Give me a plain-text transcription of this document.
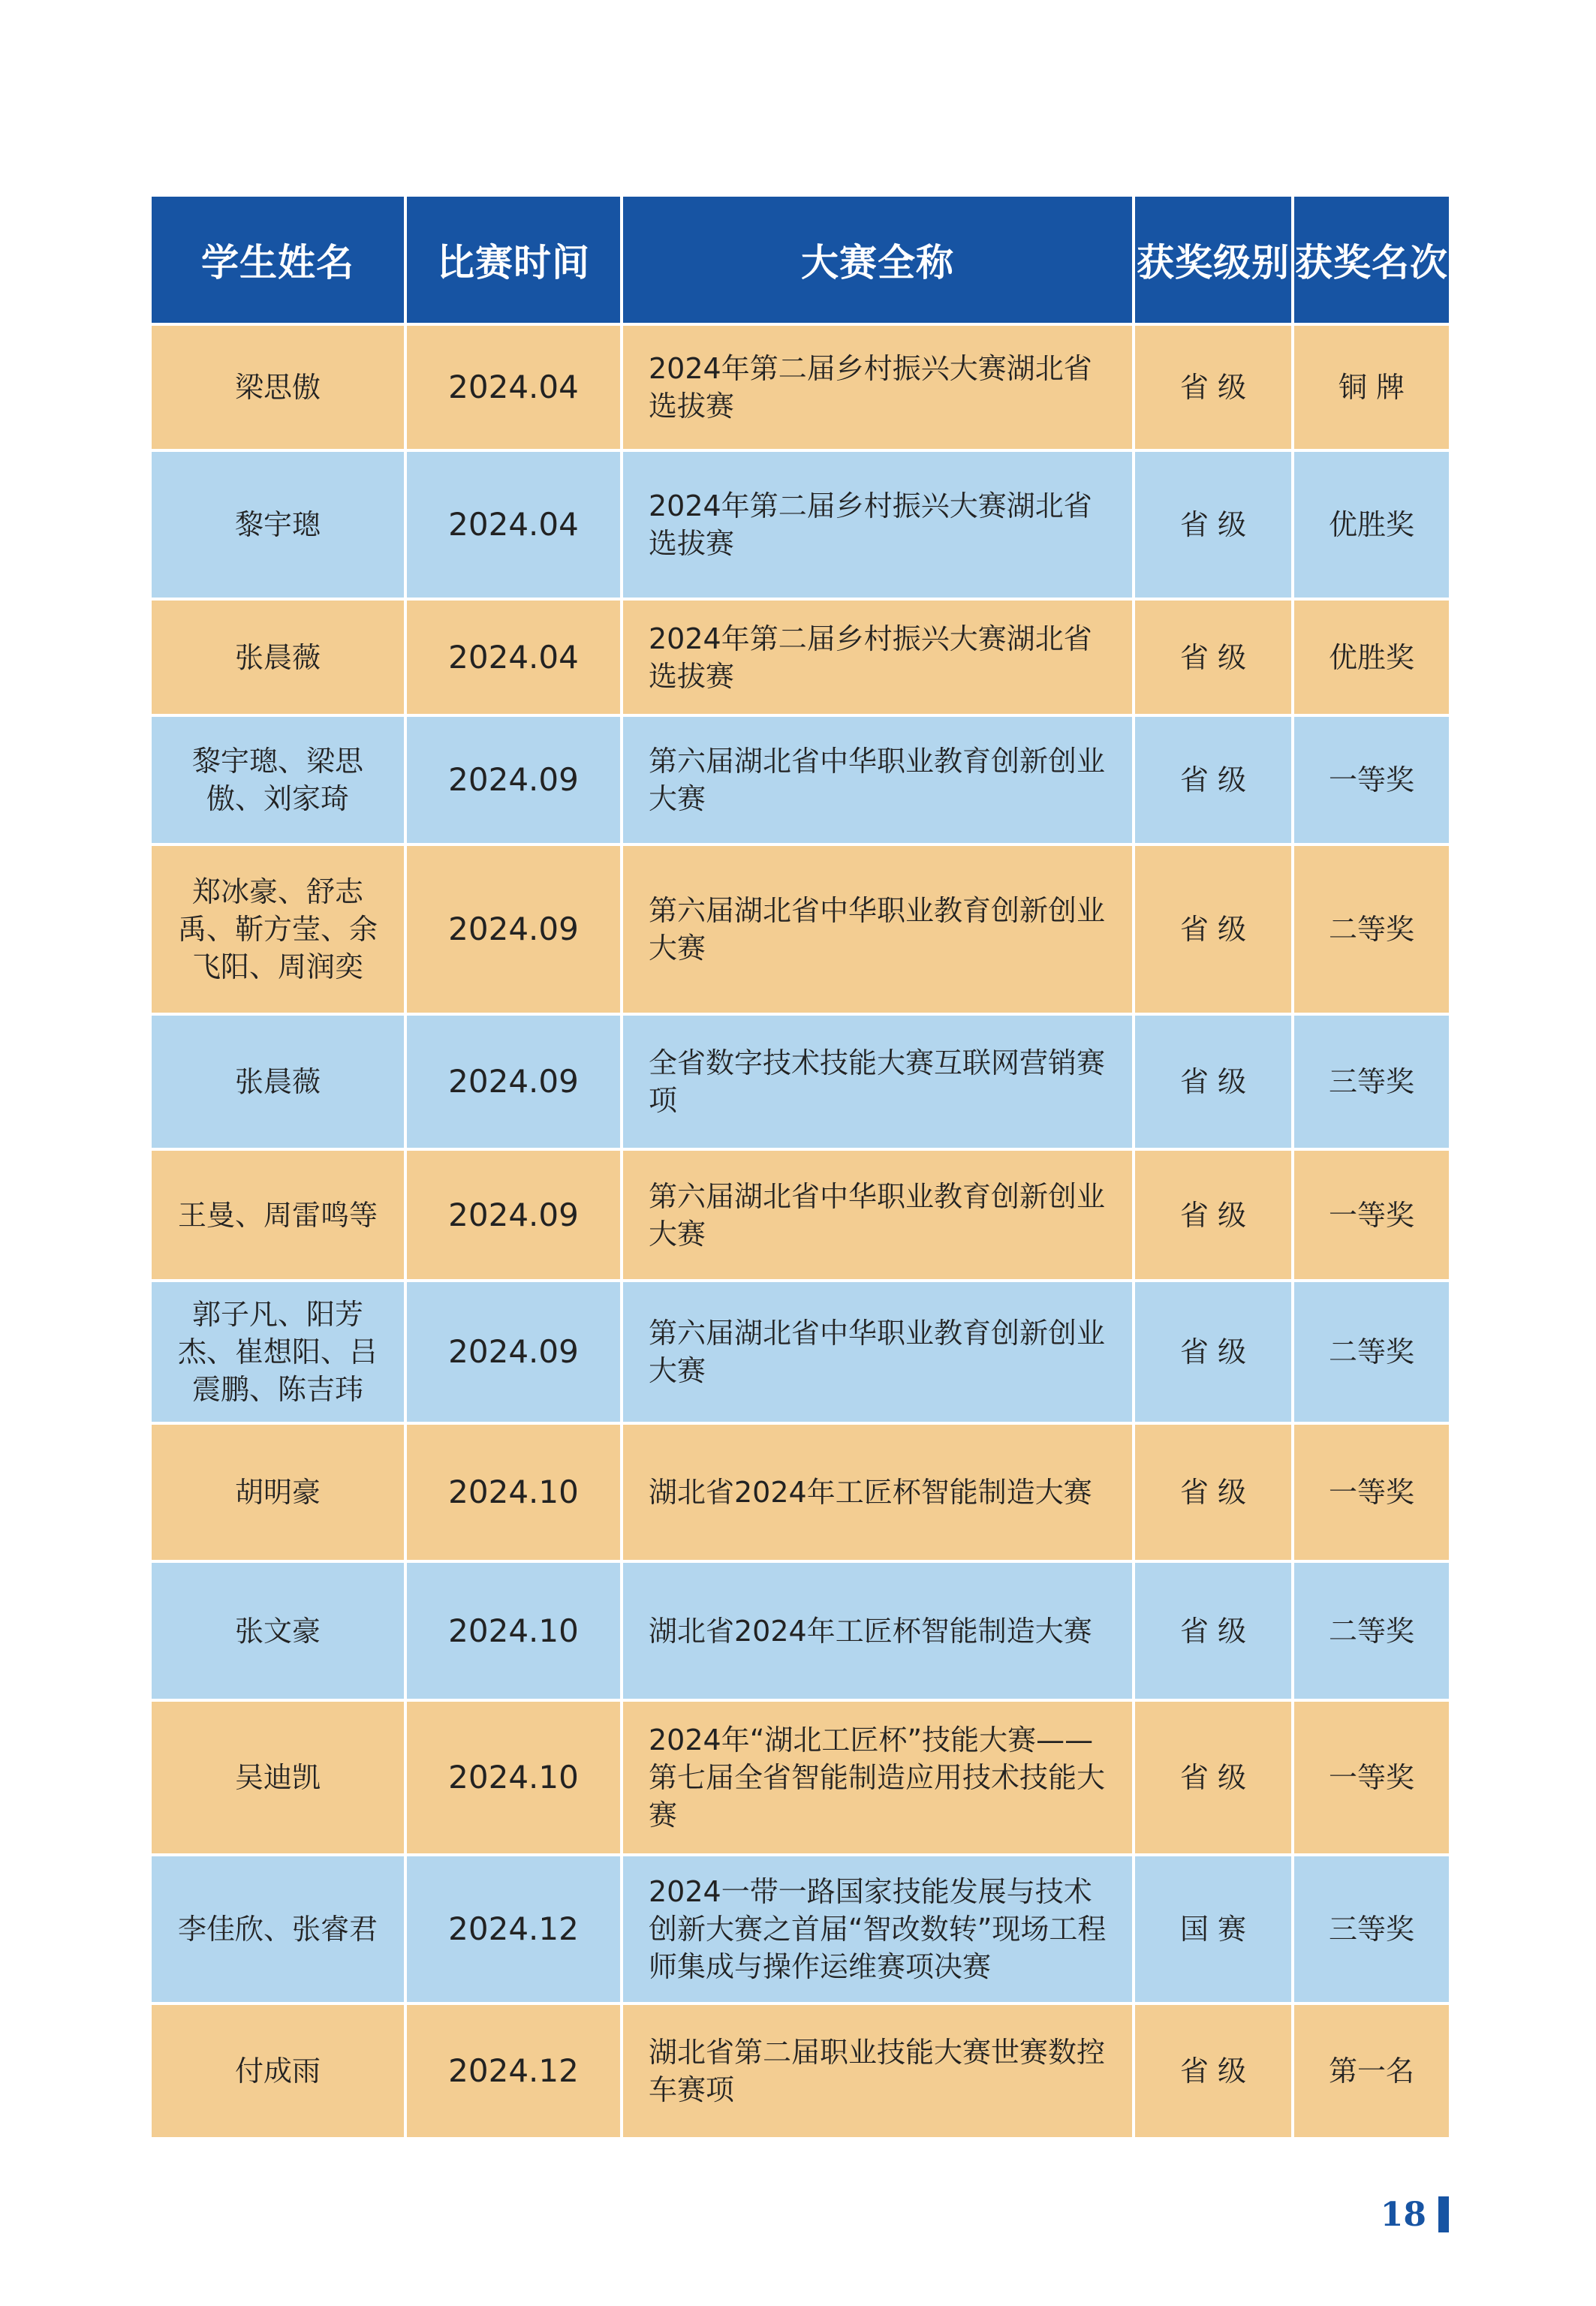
学生姓名	比赛时间	大赛全称	获奖级别	获奖名次
梁思傲	2024.04	2024年第二届乡村振兴大赛湖北省选拔赛	省 级	铜 牌
黎宇璁	2024.04	2024年第二届乡村振兴大赛湖北省选拔赛	省 级	优胜奖
张晨薇	2024.04	2024年第二届乡村振兴大赛湖北省选拔赛	省 级	优胜奖
黎宇璁、梁思傲、刘家琦	2024.09	第六届湖北省中华职业教育创新创业大赛	省 级	一等奖
郑冰豪、舒志禹、靳方莹、余飞阳、周润奕	2024.09	第六届湖北省中华职业教育创新创业大赛	省 级	二等奖
张晨薇	2024.09	全省数字技术技能大赛互联网营销赛项	省 级	三等奖
王曼、周雷鸣等	2024.09	第六届湖北省中华职业教育创新创业大赛	省 级	一等奖
郭子凡、阳芳杰、崔想阳、吕震鹏、陈吉玮	2024.09	第六届湖北省中华职业教育创新创业大赛	省 级	二等奖
胡明豪	2024.10	湖北省2024年工匠杯智能制造大赛	省 级	一等奖
张文豪	2024.10	湖北省2024年工匠杯智能制造大赛	省 级	二等奖
吴迪凯	2024.10	2024年“湖北工匠杯”技能大赛——第七届全省智能制造应用技术技能大赛	省 级	一等奖
李佳欣、张睿君	2024.12	2024一带一路国家技能发展与技术创新大赛之首届“智改数转”现场工程师集成与操作运维赛项决赛	国 赛	三等奖
付成雨	2024.12	湖北省第二届职业技能大赛世赛数控车赛项	省 级	第一名
18
